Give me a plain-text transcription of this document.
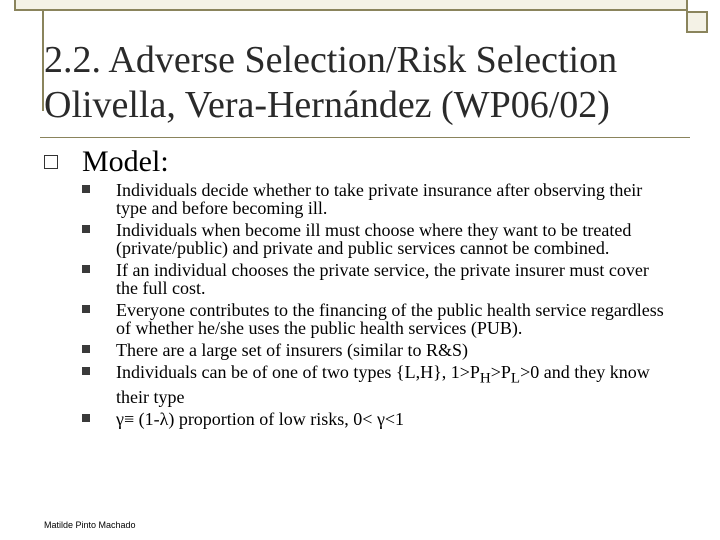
2.2. Adverse Selection/Risk Selection
Olivella, Vera-Hernández (WP06/02)
Model:
Individuals decide whether to take private insurance after observing their type and before becoming ill.
Individuals when become ill must choose where they want to be treated (private/public) and private and public services cannot be combined.
If an individual chooses the private service, the private insurer must cover the full cost.
Everyone contributes to the financing of the public health service regardless of whether he/she uses the public health services (PUB).
There are a large set of insurers (similar to R&S)
Individuals can be of one of two types {L,H}, $1>P_H>P_L>0$ and they know their type
γ≡ (1-λ) proportion of low risks, 0< γ<1
Matilde Pinto Machado
